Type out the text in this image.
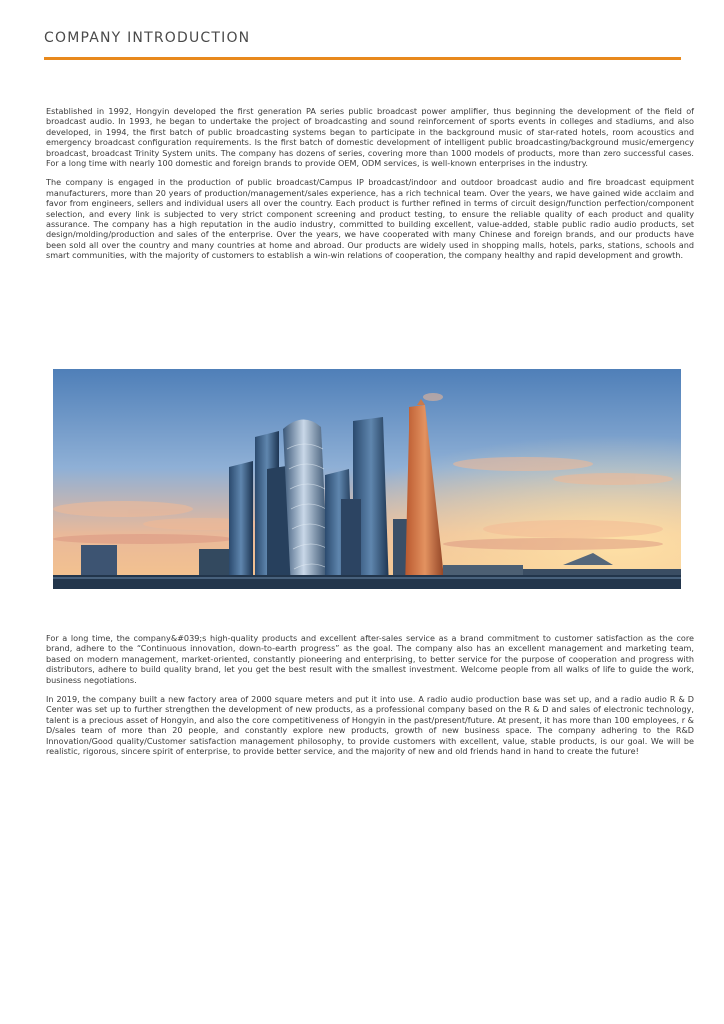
COMPANY INTRODUCTION

Established in 1992, Hongyin developed the first generation PA series public broadcast power amplifier, thus beginning the development of the field of broadcast audio. In 1993, he began to undertake the project of broadcasting and sound reinforcement of sports events in colleges and stadiums, and also developed, in 1994, the first batch of public broadcasting systems began to participate in the background music of star-rated hotels, room acoustics and emergency broadcast configuration requirements. Is the first batch of domestic development of intelligent public broadcasting/background music/emergency broadcast, broadcast Trinity System units. The company has dozens of series, covering more than 1000 models of products, more than zero successful cases. For a long time with nearly 100 domestic and foreign brands to provide OEM, ODM services, is well-known enterprises in the industry.

The company is engaged in the production of public broadcast/Campus IP broadcast/indoor and outdoor broadcast audio and fire broadcast equipment manufacturers, more than 20 years of production/management/sales experience, has a rich technical team. Over the years, we have gained wide acclaim and favor from engineers, sellers and individual users all over the country. Each product is further refined in terms of circuit design/function perfection/component selection, and every link is subjected to very strict component screening and product testing, to ensure the reliable quality of each product and quality assurance. The company has a high reputation in the audio industry, committed to building excellent, value-added, stable public radio audio products, set design/molding/production and sales of the enterprise. Over the years, we have cooperated with many Chinese and foreign brands, and our products have been sold all over the country and many countries at home and abroad. Our products are widely used in shopping malls, hotels, parks, stations, schools and smart communities, with the majority of customers to establish a win-win relations of cooperation, the company healthy and rapid development and growth.

For a long time, the company&#039;s high-quality products and excellent after-sales service as a brand commitment to customer satisfaction as the core brand, adhere to the “Continuous innovation, down-to-earth progress” as the goal. The company also has an excellent management and marketing team, based on modern management, market-oriented, constantly pioneering and enterprising, to better service for the purpose of cooperation and progress with distributors, adhere to build quality brand, let you get the best result with the smallest investment. Welcome people from all walks of life to guide the work, business negotiations.

In 2019, the company built a new factory area of 2000 square meters and put it into use. A radio audio production base was set up, and a radio audio R & D Center was set up to further strengthen the development of new products, as a professional company based on the R & D and sales of electronic technology, talent is a precious asset of Hongyin, and also the core competitiveness of Hongyin in the past/present/future. At present, it has more than 100 employees, r & D/sales team of more than 20 people, and constantly explore new products, growth of new business space. The company adhering to the R&D Innovation/Good quality/Customer satisfaction management philosophy, to provide customers with excellent, value, stable products, is our goal. We will be realistic, rigorous, sincere spirit of enterprise, to provide better service, and the majority of new and old friends hand in hand to create the future!
